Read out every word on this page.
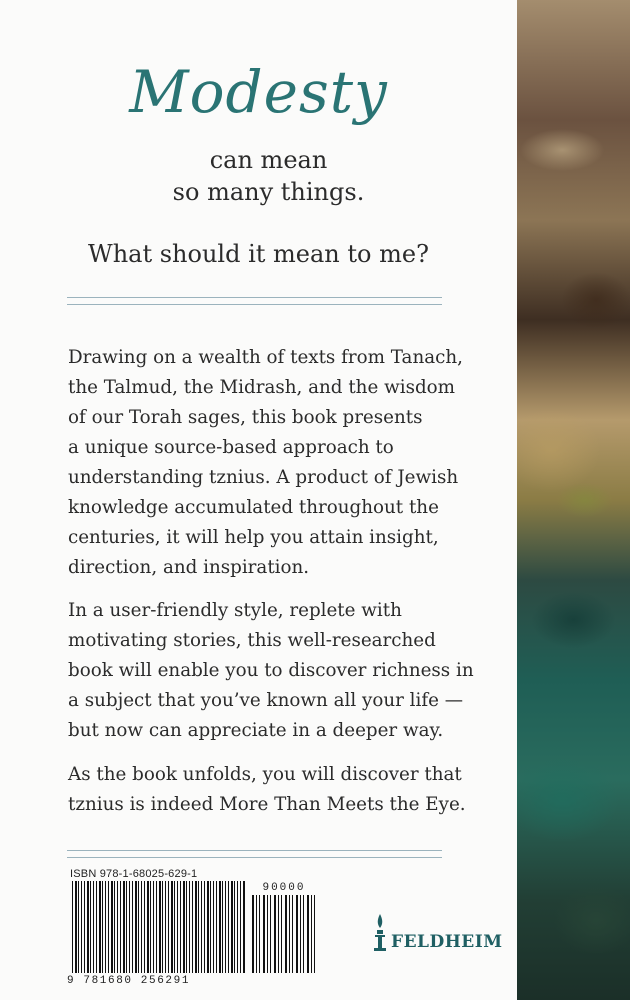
Modesty
can mean
so many things.
What should it mean to me?
Drawing on a wealth of texts from Tanach,
the Talmud, the Midrash, and the wisdom
of our Torah sages, this book presents
a unique source-based approach to
understanding tznius. A product of Jewish
knowledge accumulated throughout the
centuries, it will help you attain insight,
direction, and inspiration.
In a user-friendly style, replete with
motivating stories, this well-researched
book will enable you to discover richness in
a subject that you’ve known all your life —
but now can appreciate in a deeper way.
As the book unfolds, you will discover that
tznius is indeed More Than Meets the Eye.
ISBN 978-1-68025-629-1
90000
9 781680 256291
FELDHEIM
